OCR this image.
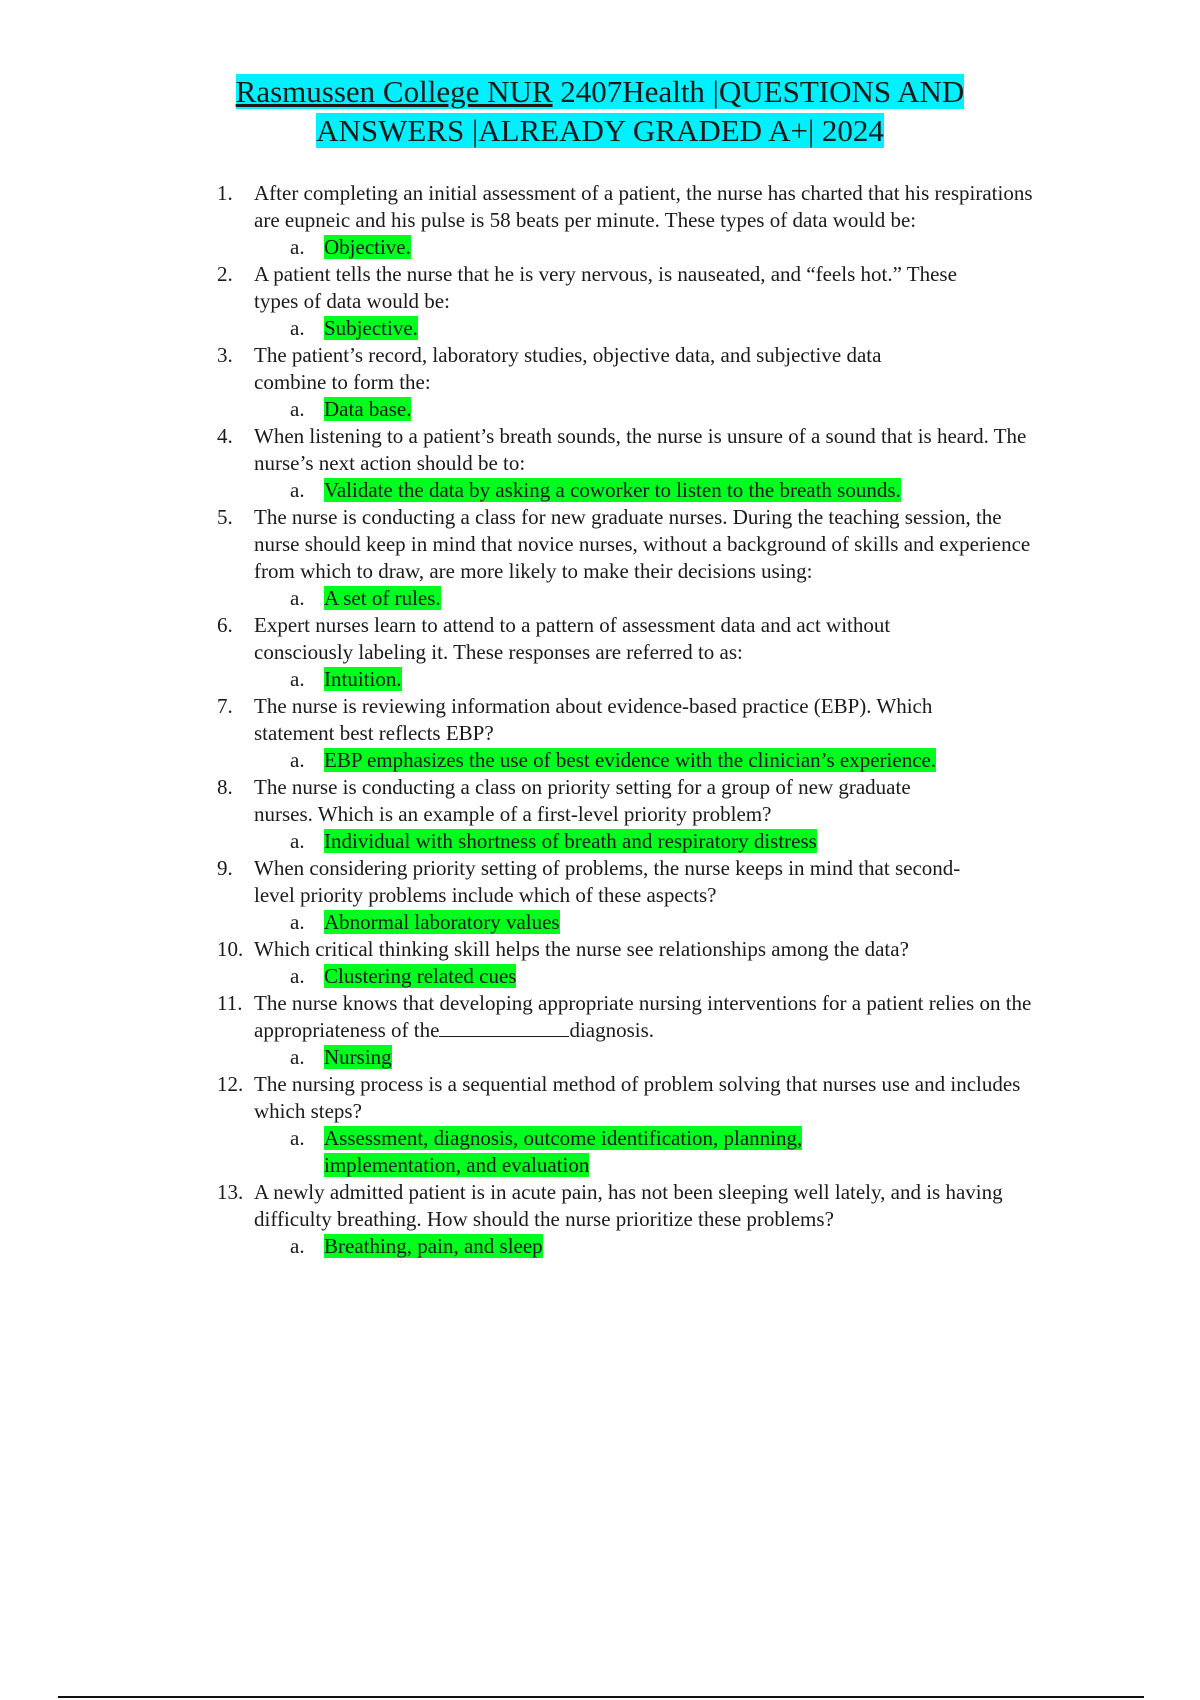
Rasmussen College NUR 2407Health |QUESTIONS AND
ANSWERS |ALREADY GRADED A+| 2024
1. After completing an initial assessment of a patient, the nurse has charted that his respirations are eupneic and his pulse is 58 beats per minute. These types of data would be:
a. Objective.
2. A patient tells the nurse that he is very nervous, is nauseated, and “feels hot.” These types of data would be:
a. Subjective.
3. The patient’s record, laboratory studies, objective data, and subjective data combine to form the:
a. Data base.
4. When listening to a patient’s breath sounds, the nurse is unsure of a sound that is heard. The nurse’s next action should be to:
a. Validate the data by asking a coworker to listen to the breath sounds.
5. The nurse is conducting a class for new graduate nurses. During the teaching session, the nurse should keep in mind that novice nurses, without a background of skills and experience from which to draw, are more likely to make their decisions using:
a. A set of rules.
6. Expert nurses learn to attend to a pattern of assessment data and act without consciously labeling it. These responses are referred to as:
a. Intuition.
7. The nurse is reviewing information about evidence-based practice (EBP). Which statement best reflects EBP?
a. EBP emphasizes the use of best evidence with the clinician’s experience.
8. The nurse is conducting a class on priority setting for a group of new graduate nurses. Which is an example of a first-level priority problem?
a. Individual with shortness of breath and respiratory distress
9. When considering priority setting of problems, the nurse keeps in mind that second-level priority problems include which of these aspects?
a. Abnormal laboratory values
10. Which critical thinking skill helps the nurse see relationships among the data?
a. Clustering related cues
11. The nurse knows that developing appropriate nursing interventions for a patient relies on the appropriateness of the	diagnosis.
a. Nursing
12. The nursing process is a sequential method of problem solving that nurses use and includes which steps?
a. Assessment, diagnosis, outcome identification, planning, implementation, and evaluation
13. A newly admitted patient is in acute pain, has not been sleeping well lately, and is having difficulty breathing. How should the nurse prioritize these problems?
a. Breathing, pain, and sleep
